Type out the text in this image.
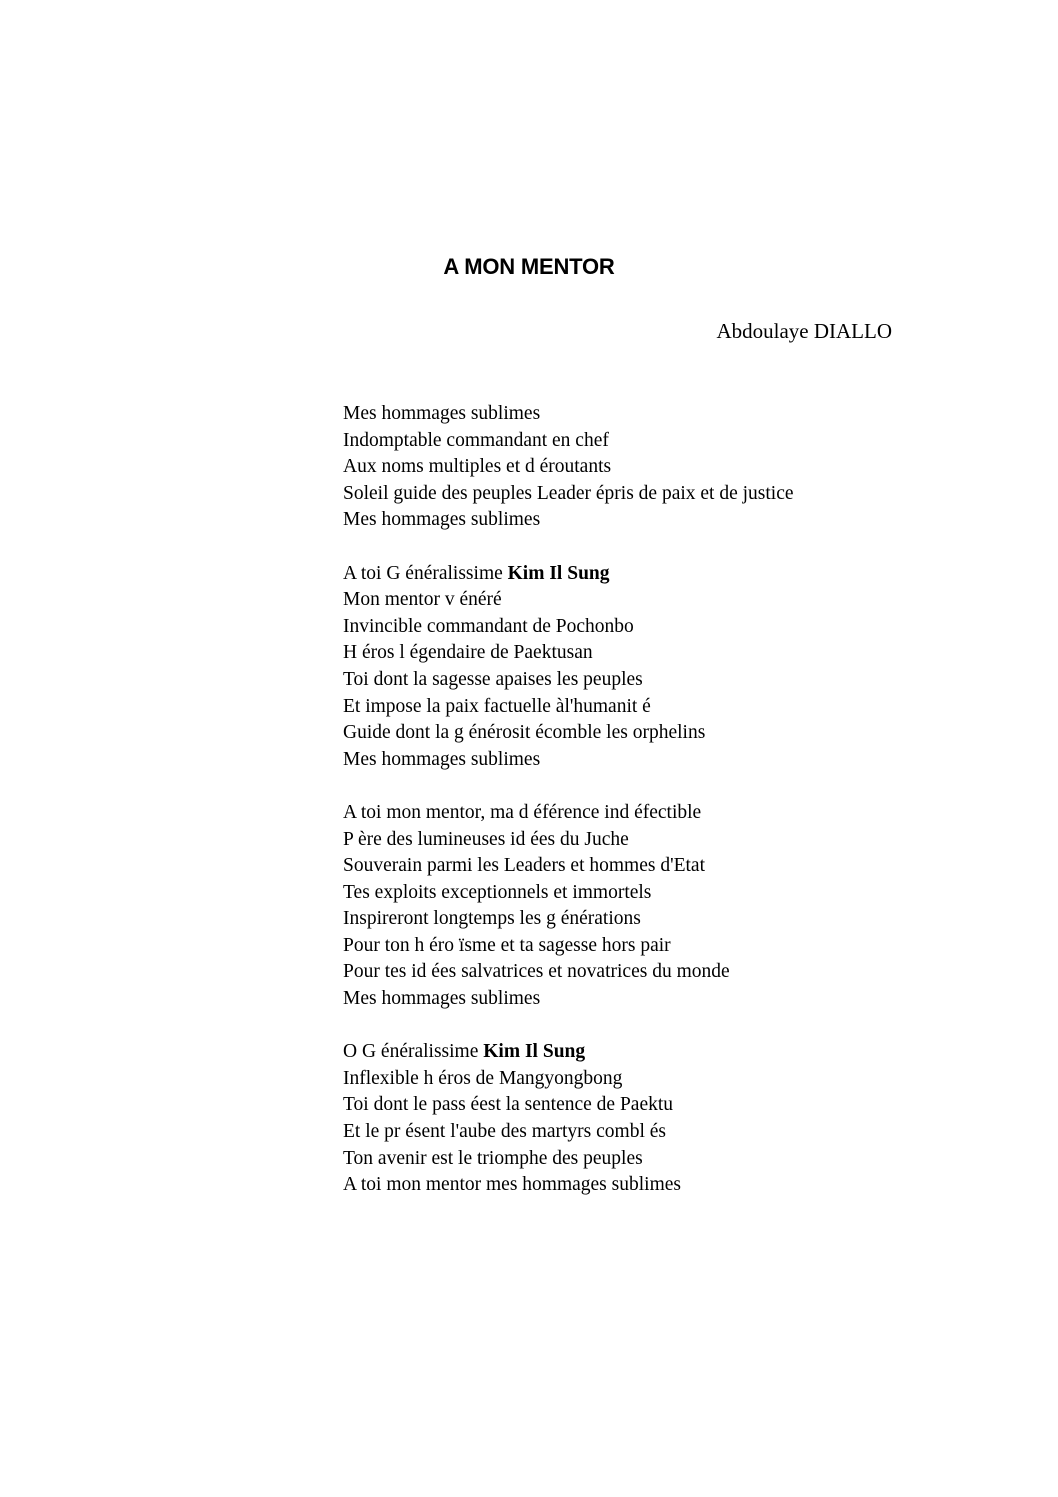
A MON MENTOR
Abdoulaye DIALLO
Mes hommages sublimes
Indomptable commandant en chef
Aux noms multiples et d éroutants
Soleil guide des peuples Leader épris de paix et de justice
Mes hommages sublimes
A toi G énéralissime Kim Il Sung
Mon mentor v énéré
Invincible commandant de Pochonbo
H éros l égendaire de Paektusan
Toi dont la sagesse apaises les peuples
Et impose la paix factuelle àl'humanit é
Guide dont la g énérosit écomble les orphelins
Mes hommages sublimes
A toi mon mentor, ma d éférence ind éfectible
P ère des lumineuses id ées du Juche
Souverain parmi les Leaders et hommes d'Etat
Tes exploits exceptionnels et immortels
Inspireront longtemps les g énérations
Pour ton h éro ïsme et ta sagesse hors pair
Pour tes id ées salvatrices et novatrices du monde
Mes hommages sublimes
O G énéralissime Kim Il Sung
Inflexible h éros de Mangyongbong
Toi dont le pass éest la sentence de Paektu
Et le pr ésent l'aube des martyrs combl és
Ton avenir est le triomphe des peuples
A toi mon mentor mes hommages sublimes
